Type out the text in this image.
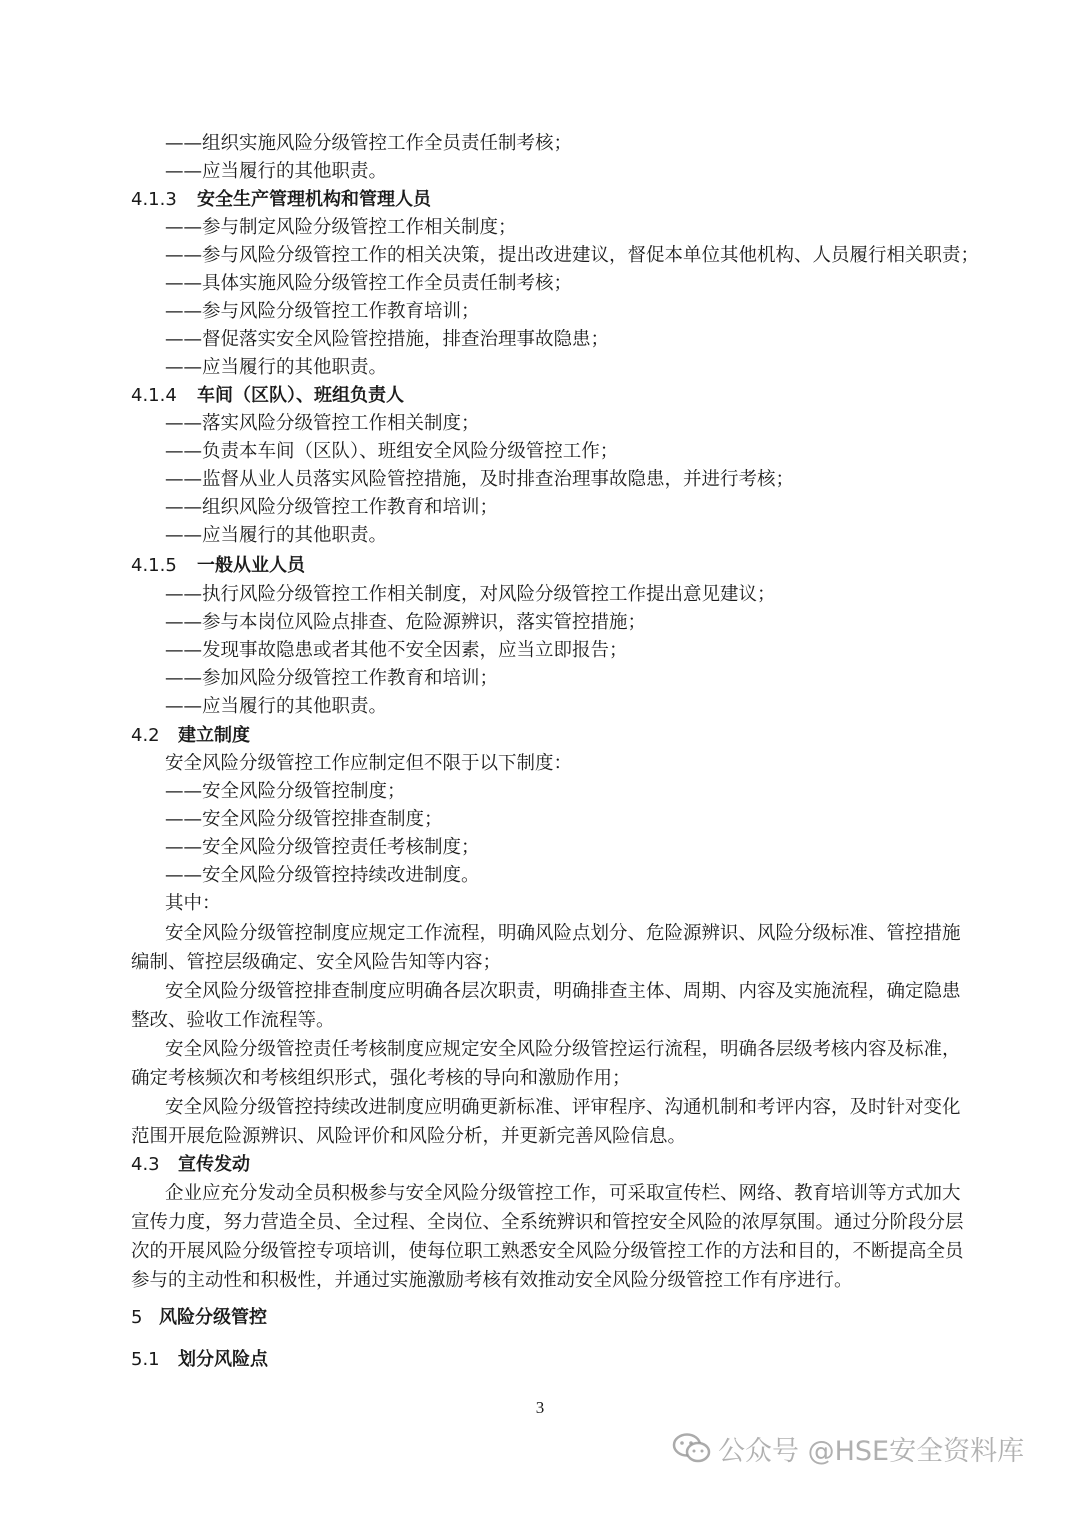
——组织实施风险分级管控工作全员责任制考核；
——应当履行的其他职责。
4.1.3 安全生产管理机构和管理人员
——参与制定风险分级管控工作相关制度；
——参与风险分级管控工作的相关决策，提出改进建议，督促本单位其他机构、人员履行相关职责；
——具体实施风险分级管控工作全员责任制考核；
——参与风险分级管控工作教育培训；
——督促落实安全风险管控措施，排查治理事故隐患；
——应当履行的其他职责。
4.1.4 车间（区队）、班组负责人
——落实风险分级管控工作相关制度；
——负责本车间（区队）、班组安全风险分级管控工作；
——监督从业人员落实风险管控措施，及时排查治理事故隐患，并进行考核；
——组织风险分级管控工作教育和培训；
——应当履行的其他职责。
4.1.5 一般从业人员
——执行风险分级管控工作相关制度，对风险分级管控工作提出意见建议；
——参与本岗位风险点排查、危险源辨识，落实管控措施；
——发现事故隐患或者其他不安全因素，应当立即报告；
——参加风险分级管控工作教育和培训；
——应当履行的其他职责。
4.2 建立制度
安全风险分级管控工作应制定但不限于以下制度：
——安全风险分级管控制度；
——安全风险分级管控排查制度；
——安全风险分级管控责任考核制度；
——安全风险分级管控持续改进制度。
其中：
安全风险分级管控制度应规定工作流程，明确风险点划分、危险源辨识、风险分级标准、管控措施
编制、管控层级确定、安全风险告知等内容；
安全风险分级管控排查制度应明确各层次职责，明确排查主体、周期、内容及实施流程，确定隐患
整改、验收工作流程等。
安全风险分级管控责任考核制度应规定安全风险分级管控运行流程，明确各层级考核内容及标准，
确定考核频次和考核组织形式，强化考核的导向和激励作用；
安全风险分级管控持续改进制度应明确更新标准、评审程序、沟通机制和考评内容，及时针对变化
范围开展危险源辨识、风险评价和风险分析，并更新完善风险信息。
4.3 宣传发动
企业应充分发动全员积极参与安全风险分级管控工作，可采取宣传栏、网络、教育培训等方式加大
宣传力度，努力营造全员、全过程、全岗位、全系统辨识和管控安全风险的浓厚氛围。通过分阶段分层
次的开展风险分级管控专项培训，使每位职工熟悉安全风险分级管控工作的方法和目的，不断提高全员
参与的主动性和积极性，并通过实施激励考核有效推动安全风险分级管控工作有序进行。
5 风险分级管控
5.1 划分风险点
3
公众号 @HSE安全资料库
